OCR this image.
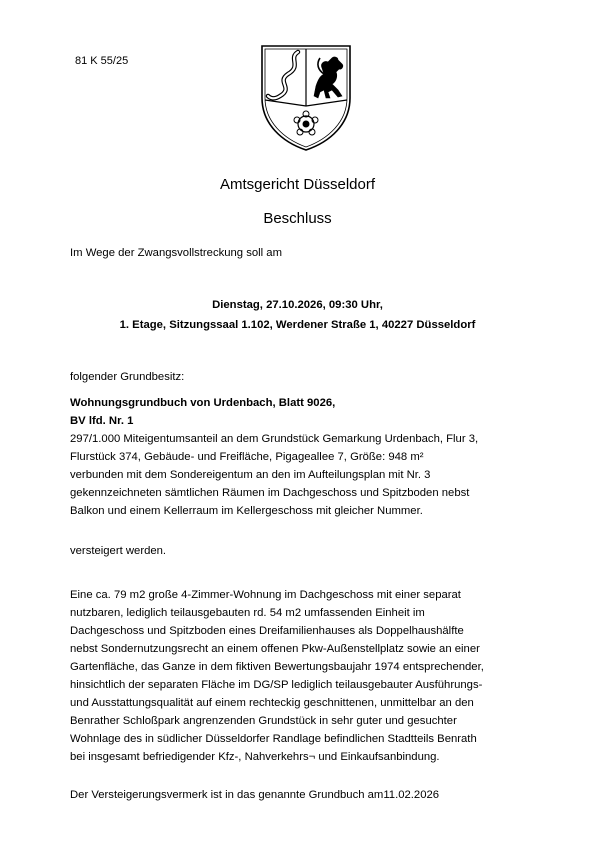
81 K 55/25
Amtsgericht Düsseldorf
Beschluss
Im Wege der Zwangsvollstreckung soll am
Dienstag, 27.10.2026, 09:30 Uhr,
1. Etage, Sitzungssaal 1.102, Werdener Straße 1, 40227 Düsseldorf
folgender Grundbesitz:
Wohnungsgrundbuch von Urdenbach, Blatt 9026,
BV lfd. Nr. 1
297/1.000 Miteigentumsanteil an dem Grundstück Gemarkung Urdenbach, Flur 3,
Flurstück 374, Gebäude- und Freifläche, Pigageallee 7, Größe: 948 m²
verbunden mit dem Sondereigentum an den im Aufteilungsplan mit Nr. 3
gekennzeichneten sämtlichen Räumen im Dachgeschoss und Spitzboden nebst
Balkon und einem Kellerraum im Kellergeschoss mit gleicher Nummer.
versteigert werden.
Eine ca. 79 m2 große 4-Zimmer-Wohnung im Dachgeschoss mit einer separat
nutzbaren, lediglich teilausgebauten rd. 54 m2 umfassenden Einheit im
Dachgeschoss und Spitzboden eines Dreifamilienhauses als Doppelhaushälfte
nebst Sondernutzungsrecht an einem offenen Pkw-Außenstellplatz sowie an einer
Gartenfläche, das Ganze in dem fiktiven Bewertungsbaujahr 1974 entsprechender,
hinsichtlich der separaten Fläche im DG/SP lediglich teilausgebauter Ausführungs-
und Ausstattungsqualität auf einem rechteckig geschnittenen, unmittelbar an den
Benrather Schloßpark angrenzenden Grundstück in sehr guter und gesuchter
Wohnlage des in südlicher Düsseldorfer Randlage befindlichen Stadtteils Benrath
bei insgesamt befriedigender Kfz-, Nahverkehrs¬ und Einkaufsanbindung.
Der Versteigerungsvermerk ist in das genannte Grundbuch am11.02.2026
